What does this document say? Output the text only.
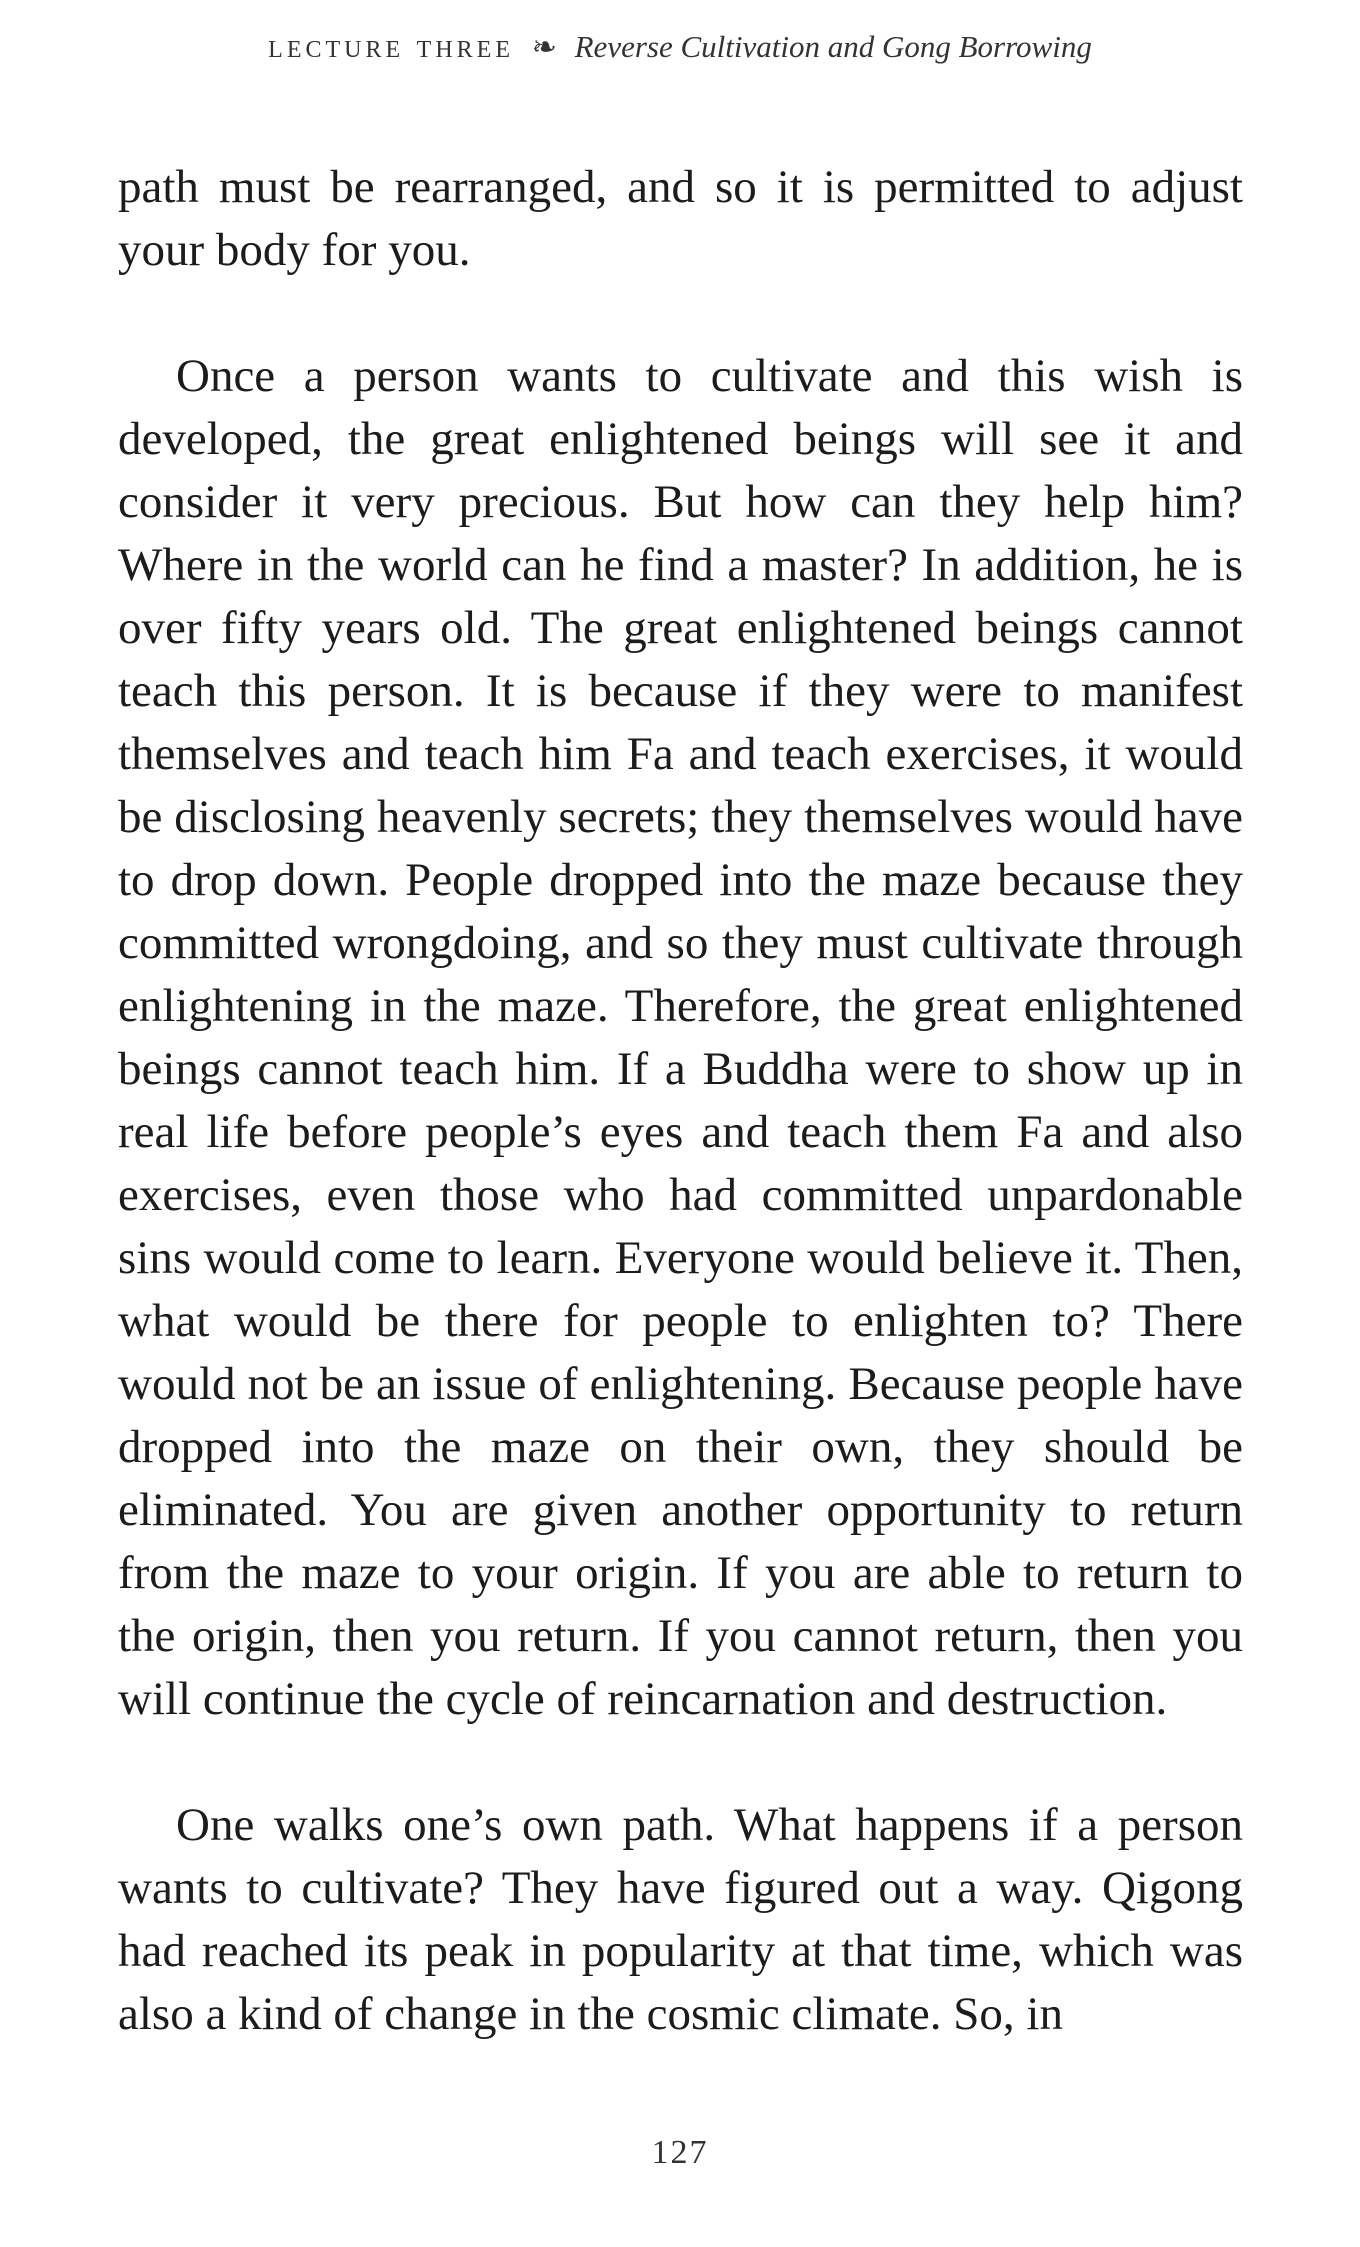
lecture three ❧ Reverse Cultivation and Gong Borrowing

path must be rearranged, and so it is permitted to adjust your body for you.

Once a person wants to cultivate and this wish is developed, the great enlightened beings will see it and consider it very precious. But how can they help him? Where in the world can he find a master? In addition, he is over fifty years old. The great enlightened beings cannot teach this person. It is because if they were to manifest themselves and teach him Fa and teach exercises, it would be disclosing heavenly secrets; they themselves would have to drop down. People dropped into the maze because they committed wrongdoing, and so they must cultivate through enlightening in the maze. Therefore, the great enlightened beings cannot teach him. If a Buddha were to show up in real life before people’s eyes and teach them Fa and also exercises, even those who had committed unpardonable sins would come to learn. Everyone would believe it. Then, what would be there for people to enlighten to? There would not be an issue of enlightening. Because people have dropped into the maze on their own, they should be eliminated. You are given another opportunity to return from the maze to your origin. If you are able to return to the origin, then you return. If you cannot return, then you will continue the cycle of reincarnation and destruction.

One walks one’s own path. What happens if a person wants to cultivate? They have figured out a way. Qigong had reached its peak in popularity at that time, which was also a kind of change in the cosmic climate. So, in

127
